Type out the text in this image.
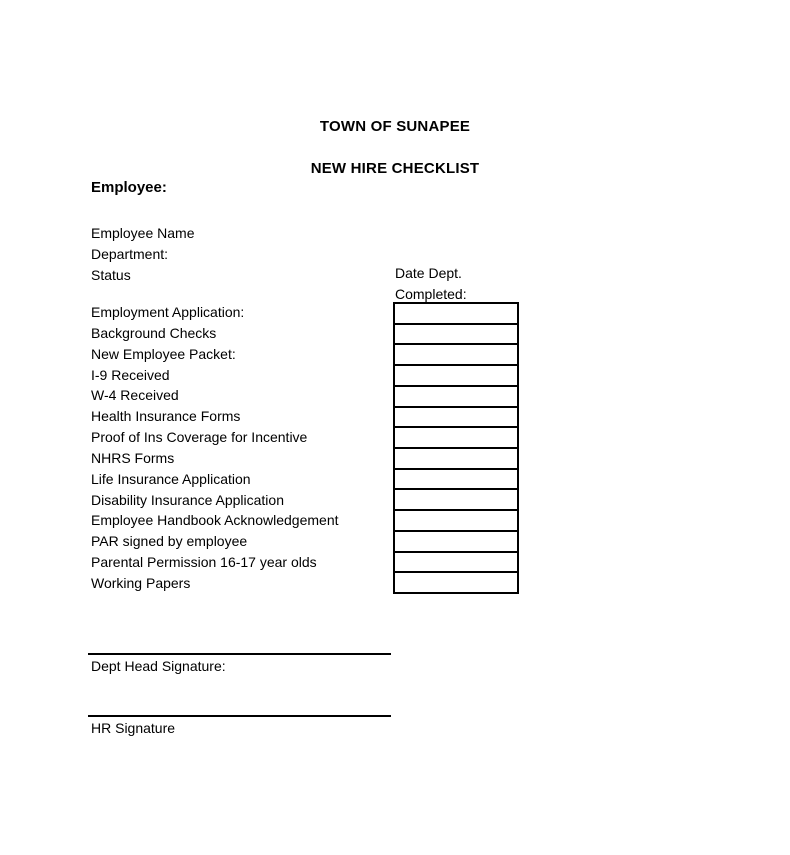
TOWN OF SUNAPEE
NEW HIRE CHECKLIST
Employee:
Employee Name
Department:
Status	Date Dept.
Completed:
Employment Application:
Background Checks
New Employee Packet:
I-9 Received
W-4 Received
Health Insurance Forms
Proof of Ins Coverage for Incentive
NHRS Forms
Life Insurance Application
Disability Insurance Application
Employee Handbook Acknowledgement
PAR signed by employee
Parental Permission 16-17 year olds
Working Papers
Dept Head Signature:
HR Signature
